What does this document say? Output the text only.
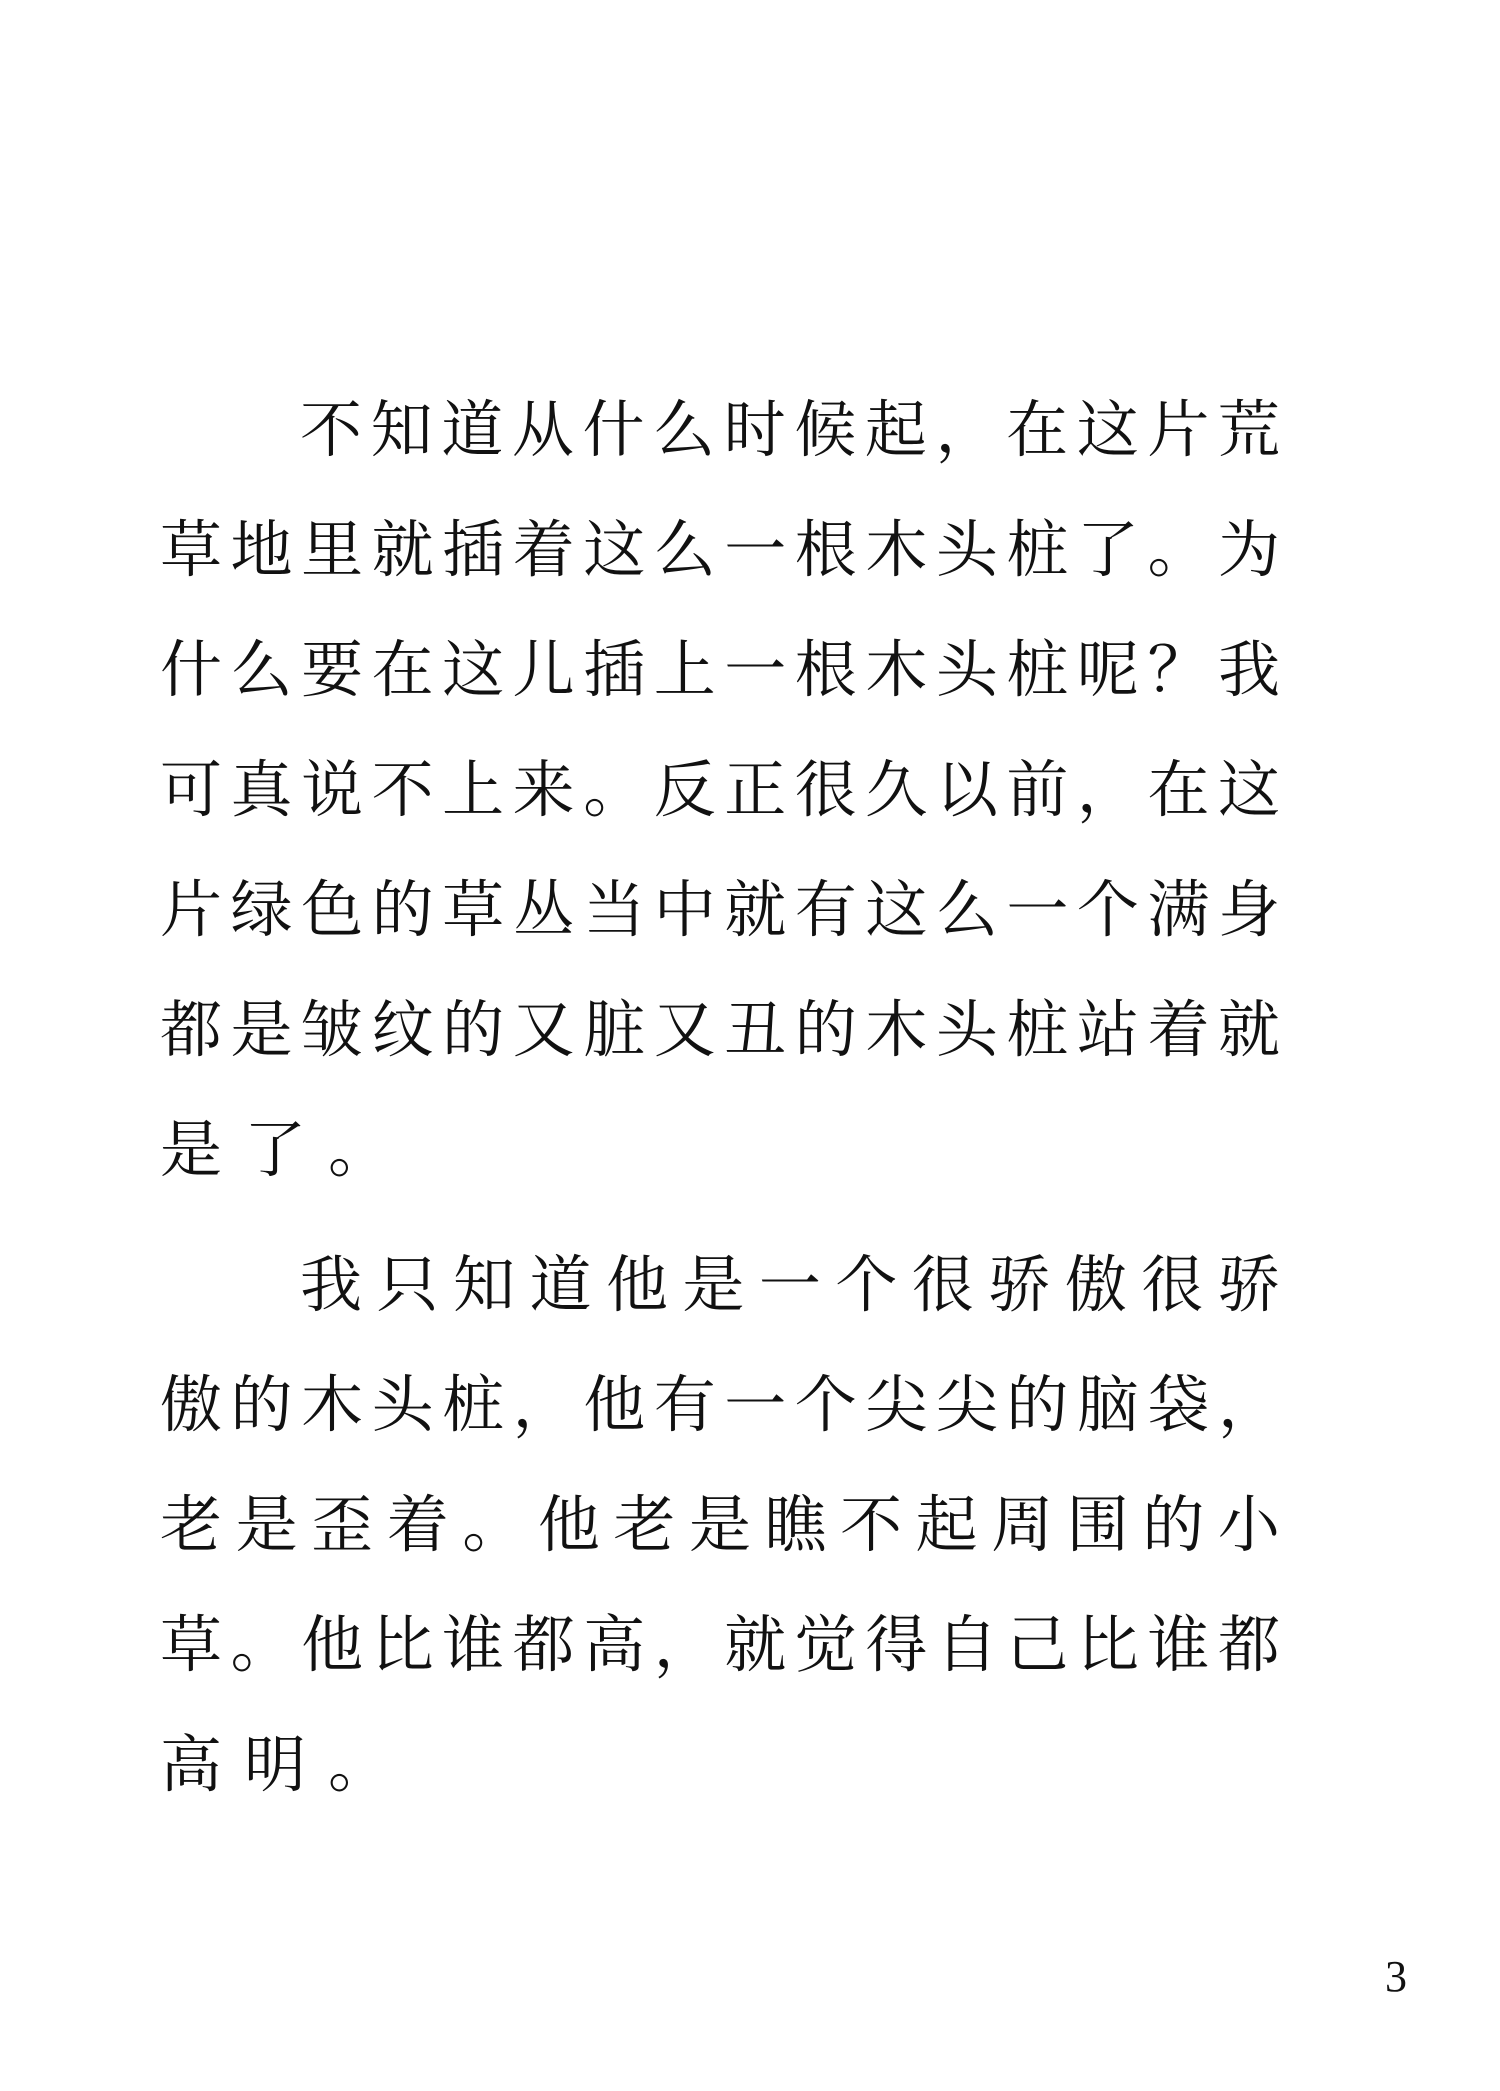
不 知 道 从 什 么 时 候 起 ， 在 这 片 荒
草 地 里 就 插 着 这 么 一 根 木 头 桩 了 。 为
什 么 要 在 这 儿 插 上 一 根 木 头 桩 呢 ？ 我
可 真 说 不 上 来 。 反 正 很 久 以 前 ， 在 这
片 绿 色 的 草 丛 当 中 就 有 这 么 一 个 满 身
都 是 皱 纹 的 又 脏 又 丑 的 木 头 桩 站 着 就
是 了 。
我 只 知 道 他 是 一 个 很 骄 傲 很 骄
傲 的 木 头 桩 ， 他 有 一 个 尖 尖 的 脑 袋 ，
老 是 歪 着 。 他 老 是 瞧 不 起 周 围 的 小
草 。 他 比 谁 都 高 ， 就 觉 得 自 己 比 谁 都
高 明 。
3
